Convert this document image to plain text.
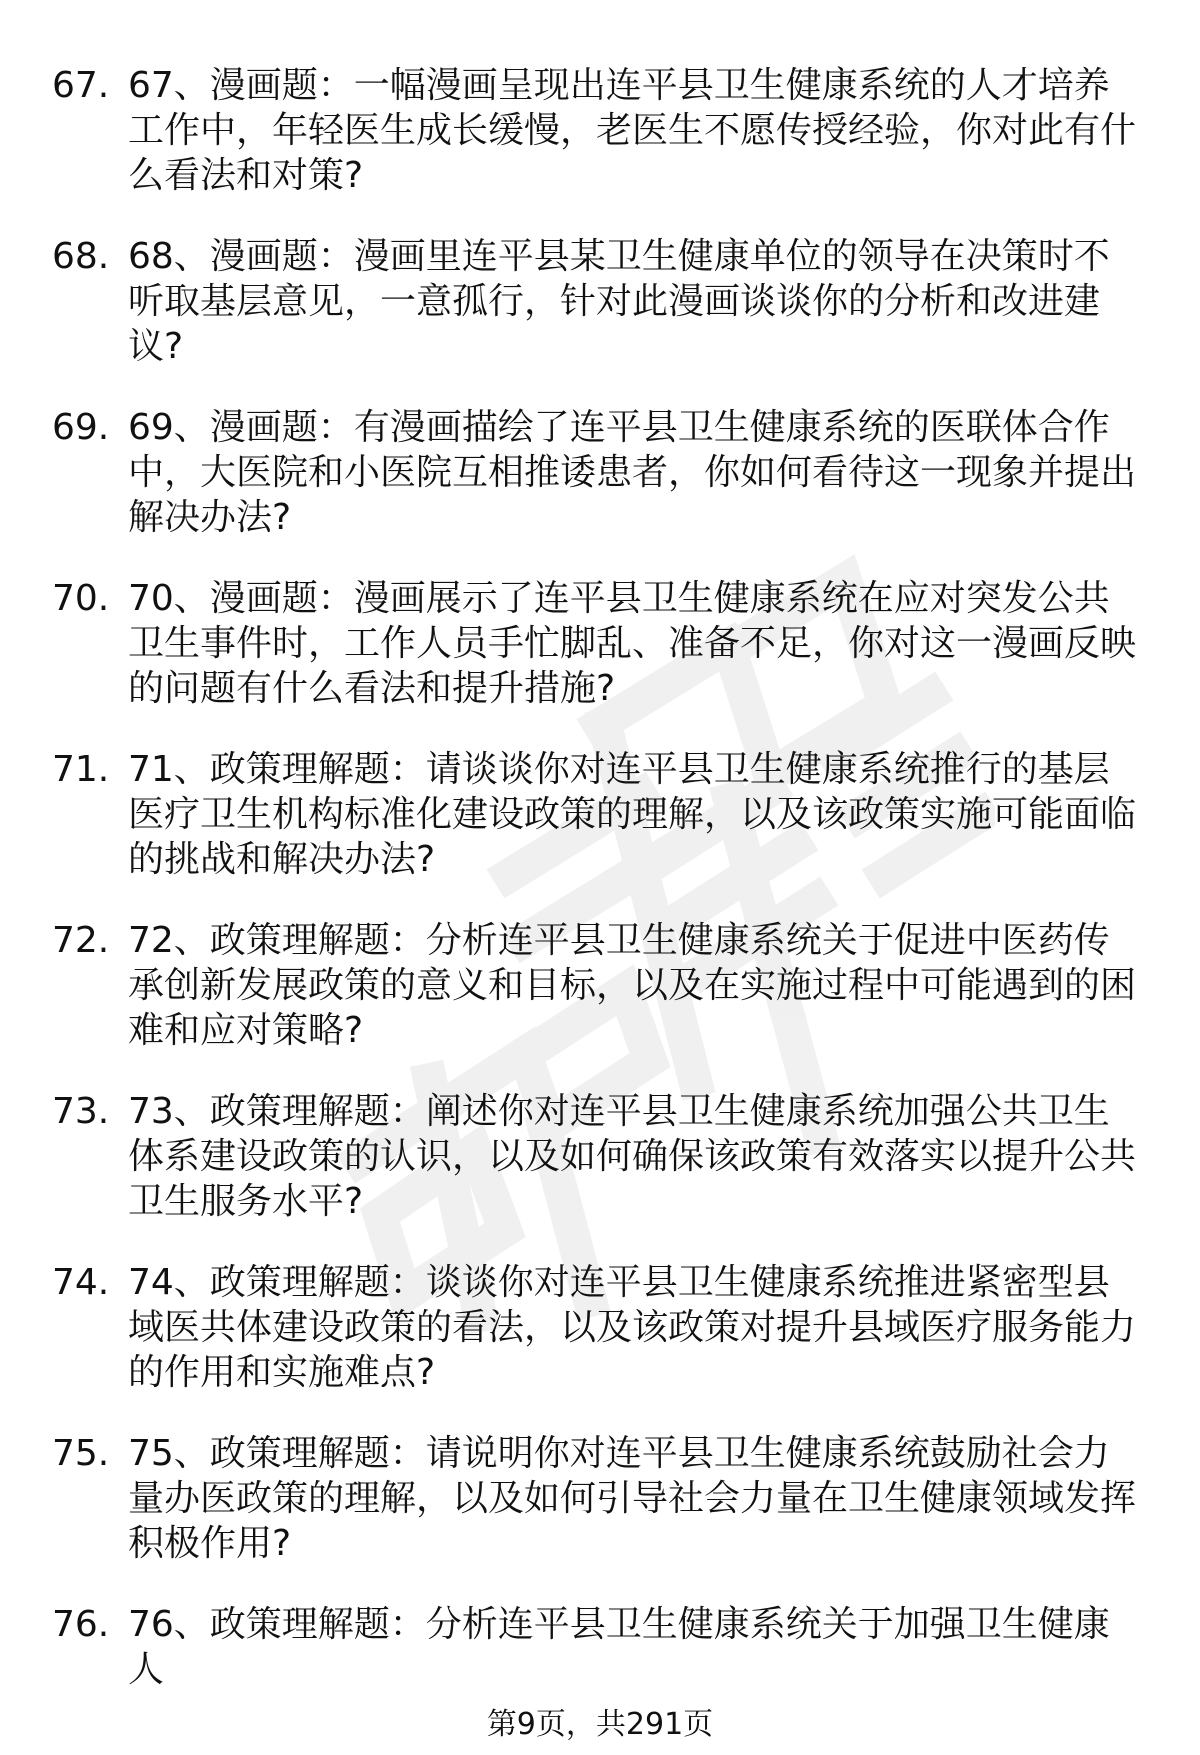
67. 67、漫画题：一幅漫画呈现出连平县卫生健康系统的人才培养工作中，年轻医生成长缓慢，老医生不愿传授经验，你对此有什么看法和对策?
68. 68、漫画题：漫画里连平县某卫生健康单位的领导在决策时不听取基层意见，一意孤行，针对此漫画谈谈你的分析和改进建议?
69. 69、漫画题：有漫画描绘了连平县卫生健康系统的医联体合作中，大医院和小医院互相推诿患者，你如何看待这一现象并提出解决办法?
70. 70、漫画题：漫画展示了连平县卫生健康系统在应对突发公共卫生事件时，工作人员手忙脚乱、准备不足，你对这一漫画反映的问题有什么看法和提升措施?
71. 71、政策理解题：请谈谈你对连平县卫生健康系统推行的基层医疗卫生机构标准化建设政策的理解，以及该政策实施可能面临的挑战和解决办法?
72. 72、政策理解题：分析连平县卫生健康系统关于促进中医药传承创新发展政策的意义和目标，以及在实施过程中可能遇到的困难和应对策略?
73. 73、政策理解题：阐述你对连平县卫生健康系统加强公共卫生体系建设政策的认识，以及如何确保该政策有效落实以提升公共卫生服务水平?
74. 74、政策理解题：谈谈你对连平县卫生健康系统推进紧密型县域医共体建设政策的看法，以及该政策对提升县域医疗服务能力的作用和实施难点?
75. 75、政策理解题：请说明你对连平县卫生健康系统鼓励社会力量办医政策的理解，以及如何引导社会力量在卫生健康领域发挥积极作用?
76. 76、政策理解题：分析连平县卫生健康系统关于加强卫生健康人
第9页，共291页
